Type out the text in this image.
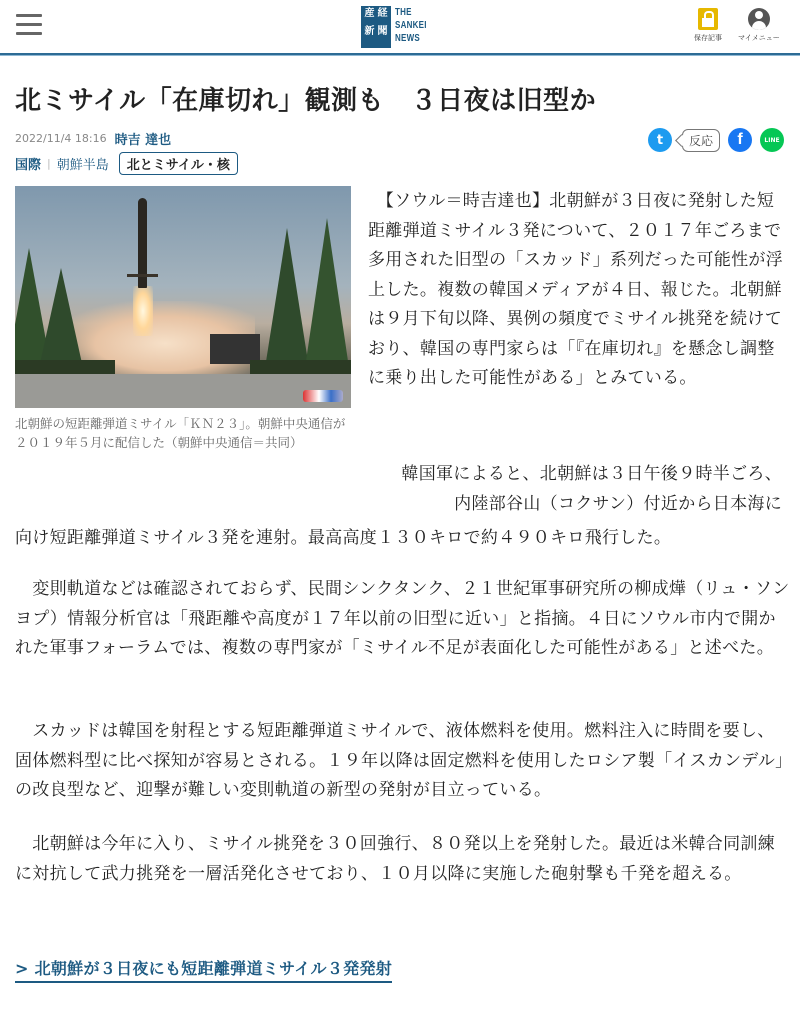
産 経
新 聞
THE
SANKEI
NEWS	保存記事 マイメニュー
北ミサイル「在庫切れ」観測も　３日夜は旧型か
2022/11/4 18:16 時吉 達也
国際 | 朝鮮半島	北とミサイル・核
t	反応	f	LINE

北朝鮮の短距離弾道ミサイル「ＫＮ２３」。朝鮮中央通信が２０１９年５月に配信した（朝鮮中央通信＝共同）

　【ソウル＝時吉達也】北朝鮮が３日夜に発射した短距離弾道ミサイル３発について、２０１７年ごろまで多用された旧型の「スカッド」系列だった可能性が浮上した。複数の韓国メディアが４日、報じた。北朝鮮は９月下旬以降、異例の頻度でミサイル挑発を続けており、韓国の専門家らは「『在庫切れ』を懸念し調整に乗り出した可能性がある」とみている。

　韓国軍によると、北朝鮮は３日午後９時半ごろ、内陸部谷山（コクサン）付近から日本海に

向け短距離弾道ミサイル３発を連射。最高高度１３０キロで約４９０キロ飛行した。

　変則軌道などは確認されておらず、民間シンクタンク、２１世紀軍事研究所の柳成燁（リュ・ソンヨプ）情報分析官は「飛距離や高度が１７年以前の旧型に近い」と指摘。４日にソウル市内で開かれた軍事フォーラムでは、複数の専門家が「ミサイル不足が表面化した可能性がある」と述べた。

　スカッドは韓国を射程とする短距離弾道ミサイルで、液体燃料を使用。燃料注入に時間を要し、固体燃料型に比べ探知が容易とされる。１９年以降は固定燃料を使用したロシア製「イスカンデル」の改良型など、迎撃が難しい変則軌道の新型の発射が目立っている。

　北朝鮮は今年に入り、ミサイル挑発を３０回強行、８０発以上を発射した。最近は米韓合同訓練に対抗して武力挑発を一層活発化させており、１０月以降に実施した砲射撃も千発を超える。

> 北朝鮮が３日夜にも短距離弾道ミサイル３発発射
